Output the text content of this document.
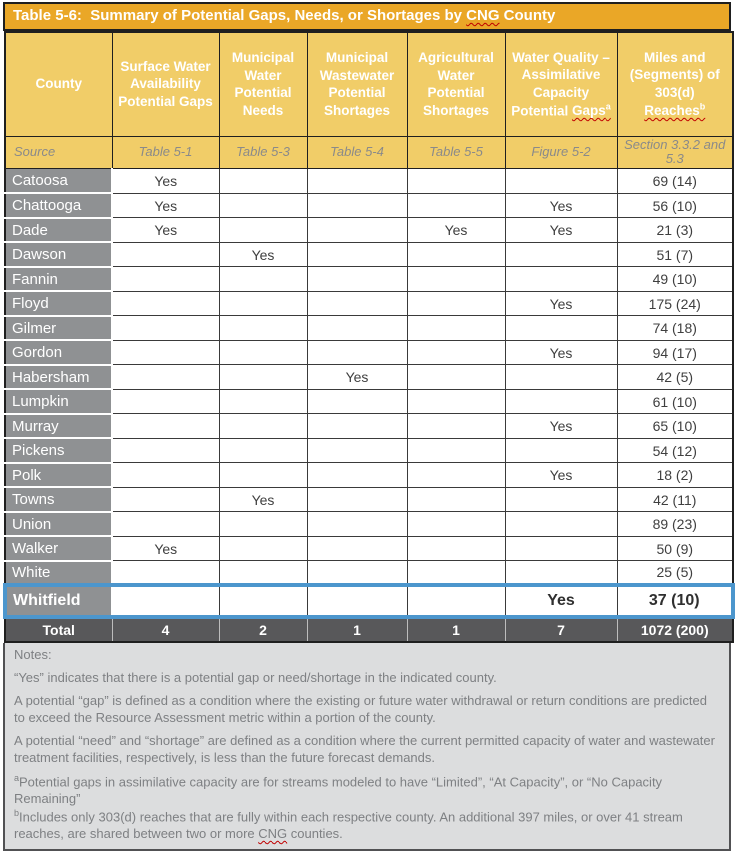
Table 5-6:  Summary of Potential Gaps, Needs, or Shortages by CNG County
County	Surface Water Availability Potential Gaps	Municipal Water Potential Needs	Municipal Wastewater Potential Shortages	Agricultural Water Potential Shortages	Water Quality – Assimilative Capacity Potential Gaps$^a$	Miles and (Segments) of 303(d) Reaches$^b$
Source	Table 5-1	Table 5-3	Table 5-4	Table 5-5	Figure 5-2	Section 3.3.2 and 5.3
Catoosa	Yes					69 (14)
Chattooga	Yes				Yes	56 (10)
Dade	Yes			Yes	Yes	21 (3)
Dawson		Yes				51 (7)
Fannin						49 (10)
Floyd					Yes	175 (24)
Gilmer						74 (18)
Gordon					Yes	94 (17)
Habersham			Yes			42 (5)
Lumpkin						61 (10)
Murray					Yes	65 (10)
Pickens						54 (12)
Polk					Yes	18 (2)
Towns		Yes				42 (11)
Union						89 (23)
Walker	Yes					50 (9)
White						25 (5)
Whitfield					Yes	37 (10)
Total	4	2	1	1	7	1072 (200)

Notes:

“Yes” indicates that there is a potential gap or need/shortage in the indicated county.

A potential “gap” is defined as a condition where the existing or future water withdrawal or return conditions are predicted to exceed the Resource Assessment metric within a portion of the county.

A potential “need” and “shortage” are defined as a condition where the current permitted capacity of water and wastewater treatment facilities, respectively, is less than the future forecast demands.

$^a$Potential gaps in assimilative capacity are for streams modeled to have “Limited”, “At Capacity”, or “No Capacity Remaining”

$^b$Includes only 303(d) reaches that are fully within each respective county. An additional 397 miles, or over 41 stream reaches, are shared between two or more CNG counties.
